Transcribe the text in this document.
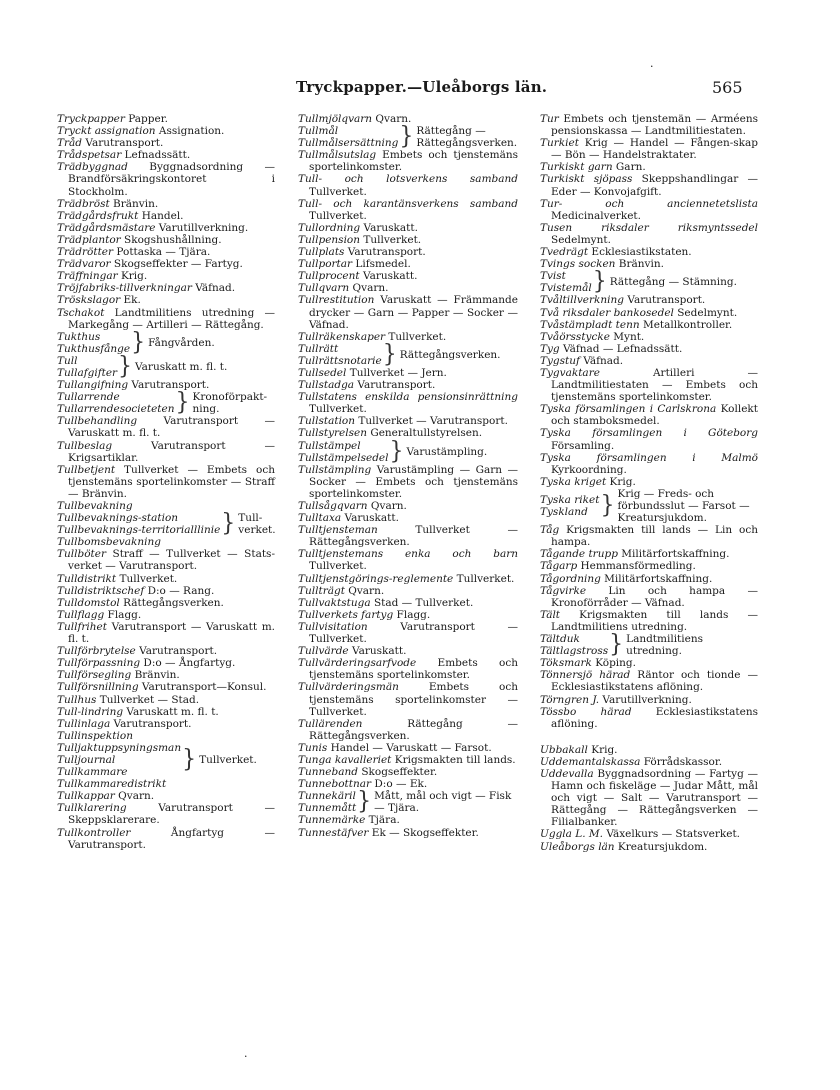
Tryckpapper.—Uleåborgs län.	565

Tryckpapper Papper.

Tryckt assignation Assignation.

Tråd Varutransport.

Trådspetsar Lefnadssätt.

Trädbyggnad Byggnadsordning — Brandförsäkringskontoret i Stockholm.

Trädbröst Bränvin.

Trädgårdsfrukt Handel.

Trädgårdsmästare Varutillverkning.

Trädplantor Skogshushållning.

Trädrötter Pottaska — Tjära.

Trädvaror Skogseffekter — Fartyg.

Träffningar Krig.

Tröjfabriks-tillverkningar Väfnad.

Tröskslagor Ek.

Tschakot Landtmilitiens utredning — Markegång — Artilleri — Rättegång.

Tukthus
Tukthusfånge } Fångvården.
Tull
Tullafgifter } Varuskatt m. fl. t.

Tullangifning Varutransport.

Tullarrende
Tullarrendesocieteten } Kronoförpakt- ning.

Tullbehandling Varutransport — Varuskatt m. fl. t.

Tullbeslag Varutransport — Krigsartiklar.

Tullbetjent Tullverket — Embets och tjenstemäns sportelinkomster — Straff — Bränvin.

Tullbevakning
Tullbevaknings-station
Tullbevaknings-territorialllinie
Tullbomsbevakning
} Tull- verket.

Tullböter Straff — Tullverket — Stats-verket — Varutransport.

Tulldistrikt Tullverket.

Tulldistriktschef D:o — Rang.

Tulldomstol Rättegångsverken.

Tullflagg Flagg.

Tullfrihet Varutransport — Varuskatt m. fl. t.

Tullförbrytelse Varutransport.

Tullförpassning D:o — Ångfartyg.

Tullförsegling Bränvin.

Tullförsnillning Varutransport—Konsul.

Tullhus Tullverket — Stad.

Tull-lindring Varuskatt m. fl. t.

Tullinlaga Varutransport.

Tullinspektion
Tulljaktuppsyningsman
Tulljournal
Tullkammare
Tullkammaredistrikt
} Tullverket.

Tullkappar Qvarn.

Tullklarering Varutransport — Skeppsklarerare.

Tullkontroller Ångfartyg — Varutransport.

Tullmjölqvarn Qvarn.

Tullmål
Tullmålsersättning } Rättegång — Rättegångsverken.

Tullmålsutslag Embets och tjenstemäns sportelinkomster.

Tull- och lotsverkens samband Tullverket.

Tull- och karantänsverkens samband Tullverket.

Tullordning Varuskatt.

Tullpension Tullverket.

Tullplats Varutransport.

Tullportar Lifsmedel.

Tullprocent Varuskatt.

Tullqvarn Qvarn.

Tullrestitution Varuskatt — Främmande drycker — Garn — Papper — Socker — Väfnad.

Tullräkenskaper Tullverket.

Tullrätt
Tullrättsnotarie } Rättegångsverken.

Tullsedel Tullverket — Jern.

Tullstadga Varutransport.

Tullstatens enskilda pensionsinrättning Tullverket.

Tullstation Tullverket — Varutransport.

Tullstyrelsen Generaltullstyrelsen.

Tullstämpel
Tullstämpelsedel } Varustämpling.

Tullstämpling Varustämpling — Garn — Socker — Embets och tjenstemäns sportelinkomster.

Tullsågqvarn Qvarn.

Tulltaxa Varuskatt.

Tulltjensteman Tullverket — Rättegångsverken.

Tulltjenstemans enka och barn Tullverket.

Tulltjenstgörings-reglemente Tullverket.

Tullträgt Qvarn.

Tullvaktstuga Stad — Tullverket.

Tullverkets fartyg Flagg.

Tullvisitation Varutransport — Tullverket.

Tullvärde Varuskatt.

Tullvärderingsarfvode Embets och tjenstemäns sportelinkomster.

Tullvärderingsmän Embets och tjenstemäns sportelinkomster — Tullverket.

Tullärenden Rättegång — Rättegångsverken.

Tunis Handel — Varuskatt — Farsot.

Tunga kavalleriet Krigsmakten till lands.

Tunneband Skogseffekter.

Tunnebottnar D:o — Ek.

Tunnekäril
Tunnemått } Mått, mål och vigt — Fisk — Tjära.

Tunnemärke Tjära.

Tunnestäfver Ek — Skogseffekter.

Tur Embets och tjenstemän — Arméens pensionskassa — Landtmilitiestaten.

Turkiet Krig — Handel — Fången-skap — Bön — Handelstraktater.

Turkiskt garn Garn.

Turkiskt sjöpass Skeppshandlingar — Eder — Konvojafgift.

Tur- och anciennetetslista Medicinalverket.

Tusen riksdaler riksmyntssedel Sedelmynt.

Tvedrägt Ecklesiastikstaten.

Tvings socken Bränvin.

Tvist
Tvistemål } Rättegång — Stämning.

Tvåltillverkning Varutransport.

Två riksdaler bankosedel Sedelmynt.

Tvåstämpladt tenn Metallkontroller.

Tvåörsstycke Mynt.

Tyg Väfnad — Lefnadssätt.

Tygstuf Väfnad.

Tygvaktare Artilleri — Landtmilitiestaten — Embets och tjenstemäns sportelinkomster.

Tyska församlingen i Carlskrona Kollekt och stamboksmedel.

Tyska församlingen i Göteborg Församling.

Tyska församlingen i Malmö Kyrkoordning.

Tyska kriget Krig.

Tyska riket
Tyskland } Krig — Freds- och förbundsslut — Farsot — Kreatursjukdom.

Tåg Krigsmakten till lands — Lin och hampa.

Tågande trupp Militärfortskaffning.

Tågarp Hemmansförmedling.

Tågordning Militärfortskaffning.

Tågvirke Lin och hampa — Kronoförråder — Väfnad.

Tält Krigsmakten till lands — Landtmilitiens utredning.

Tältduk
Tältlagstross } Landtmilitiens utredning.

Töksmark Köping.

Tönnersjö härad Räntor och tionde — Ecklesiastikstatens aflöning.

Törngren J. Varutillverkning.

Tössbo härad Ecklesiastikstatens aflöning.

Ubbakall Krig.

Uddemantalskassa Förrådskassor.

Uddevalla Byggnadsordning — Fartyg — Hamn och fiskeläge — Judar Mått, mål och vigt — Salt — Varutransport — Rättegång — Rättegångsverken — Filialbanker.

Uggla L. M. Växelkurs — Statsverket.

Uleåborgs län Kreatursjukdom.

·
·
